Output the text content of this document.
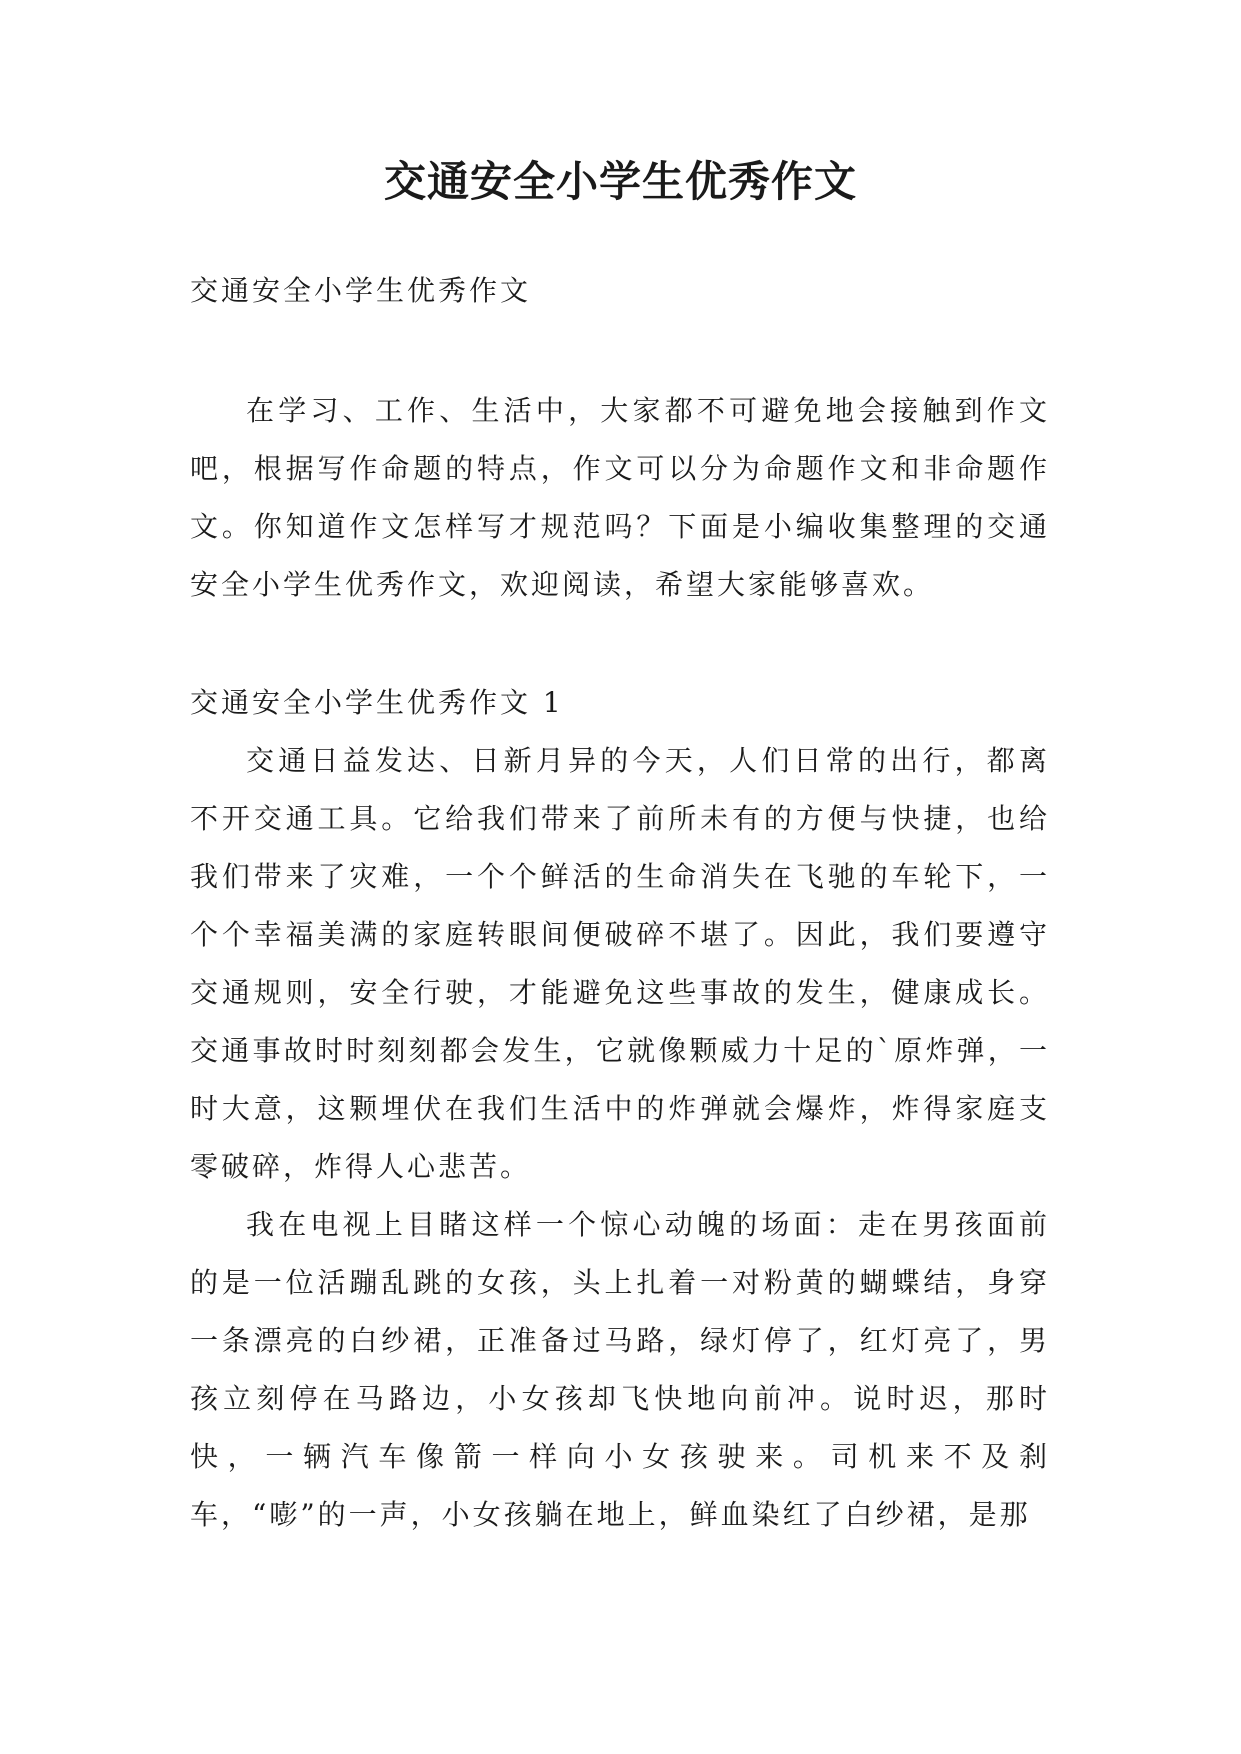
交通安全小学生优秀作文

交通安全小学生优秀作文

在学习、工作、生活中，大家都不可避免地会接触到作文吧，根据写作命题的特点，作文可以分为命题作文和非命题作文。你知道作文怎样写才规范吗？下面是小编收集整理的交通安全小学生优秀作文，欢迎阅读，希望大家能够喜欢。

交通安全小学生优秀作文 1

交通日益发达、日新月异的今天，人们日常的出行，都离不开交通工具。它给我们带来了前所未有的方便与快捷，也给我们带来了灾难，一个个鲜活的生命消失在飞驰的车轮下，一个个幸福美满的家庭转眼间便破碎不堪了。因此，我们要遵守交通规则，安全行驶，才能避免这些事故的发生，健康成长。交通事故时时刻刻都会发生，它就像颗威力十足的`原炸弹，一时大意，这颗埋伏在我们生活中的炸弹就会爆炸，炸得家庭支零破碎，炸得人心悲苦。

我在电视上目睹这样一个惊心动魄的场面：走在男孩面前的是一位活蹦乱跳的女孩，头上扎着一对粉黄的蝴蝶结，身穿一条漂亮的白纱裙，正准备过马路，绿灯停了，红灯亮了，男孩立刻停在马路边，小女孩却飞快地向前冲。说时迟，那时快，一辆汽车像箭一样向小女孩驶来。司机来不及刹车，“嘭”的一声，小女孩躺在地上，鲜血染红了白纱裙，是那
